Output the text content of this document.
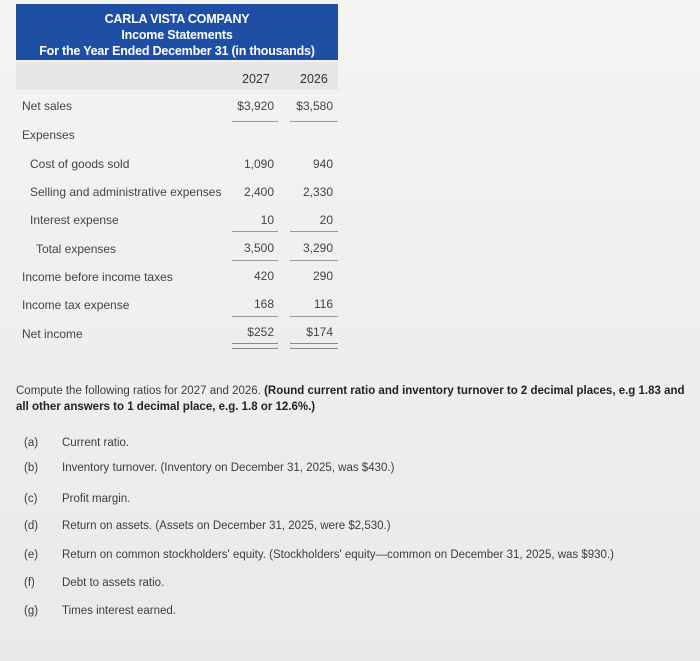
CARLA VISTA COMPANY
Income Statements
For the Year Ended December 31 (in thousands)
2027 2026
Net sales	$3,920	$3,580
Expenses
Cost of goods sold	1,090	940
Selling and administrative expenses	2,400	2,330
Interest expense	10	20
Total expenses	3,500	3,290
Income before income taxes	420	290
Income tax expense	168	116
Net income	$252	$174
Compute the following ratios for 2027 and 2026. (Round current ratio and inventory turnover to 2 decimal places, e.g 1.83 and all other answers to 1 decimal place, e.g. 1.8 or 12.6%.)
(a) Current ratio.
(b) Inventory turnover. (Inventory on December 31, 2025, was $430.)
(c) Profit margin.
(d) Return on assets. (Assets on December 31, 2025, were $2,530.)
(e) Return on common stockholders' equity. (Stockholders' equity—common on December 31, 2025, was $930.)
(f) Debt to assets ratio.
(g) Times interest earned.
